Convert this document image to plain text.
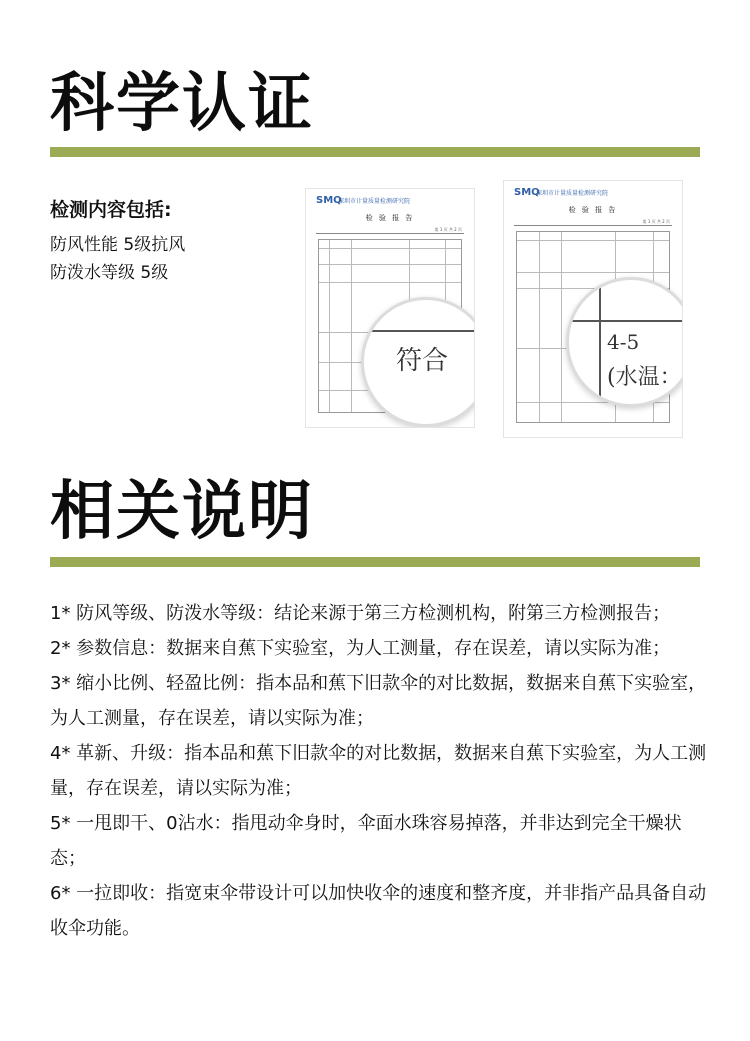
科学认证
检测内容包括:
防风性能 5级抗风
防泼水等级 5级
SMQ
深圳市计量质量检测研究院
检 验 报 告
第 1 页 共 2 页
符合
SMQ
深圳市计量质量检测研究院
检 验 报 告
第 1 页 共 2 页
4-5
(水温：
相关说明

1* 防风等级、防泼水等级：结论来源于第三方检测机构，附第三方检测报告；

2* 参数信息：数据来自蕉下实验室，为人工测量，存在误差，请以实际为准；

3* 缩小比例、轻盈比例：指本品和蕉下旧款伞的对比数据，数据来自蕉下实验室，为人工测量，存在误差，请以实际为准；

4* 革新、升级：指本品和蕉下旧款伞的对比数据，数据来自蕉下实验室，为人工测量，存在误差，请以实际为准；

5* 一甩即干、0沾水：指甩动伞身时，伞面水珠容易掉落，并非达到完全干燥状态；

6* 一拉即收：指宽束伞带设计可以加快收伞的速度和整齐度，并非指产品具备自动收伞功能。
